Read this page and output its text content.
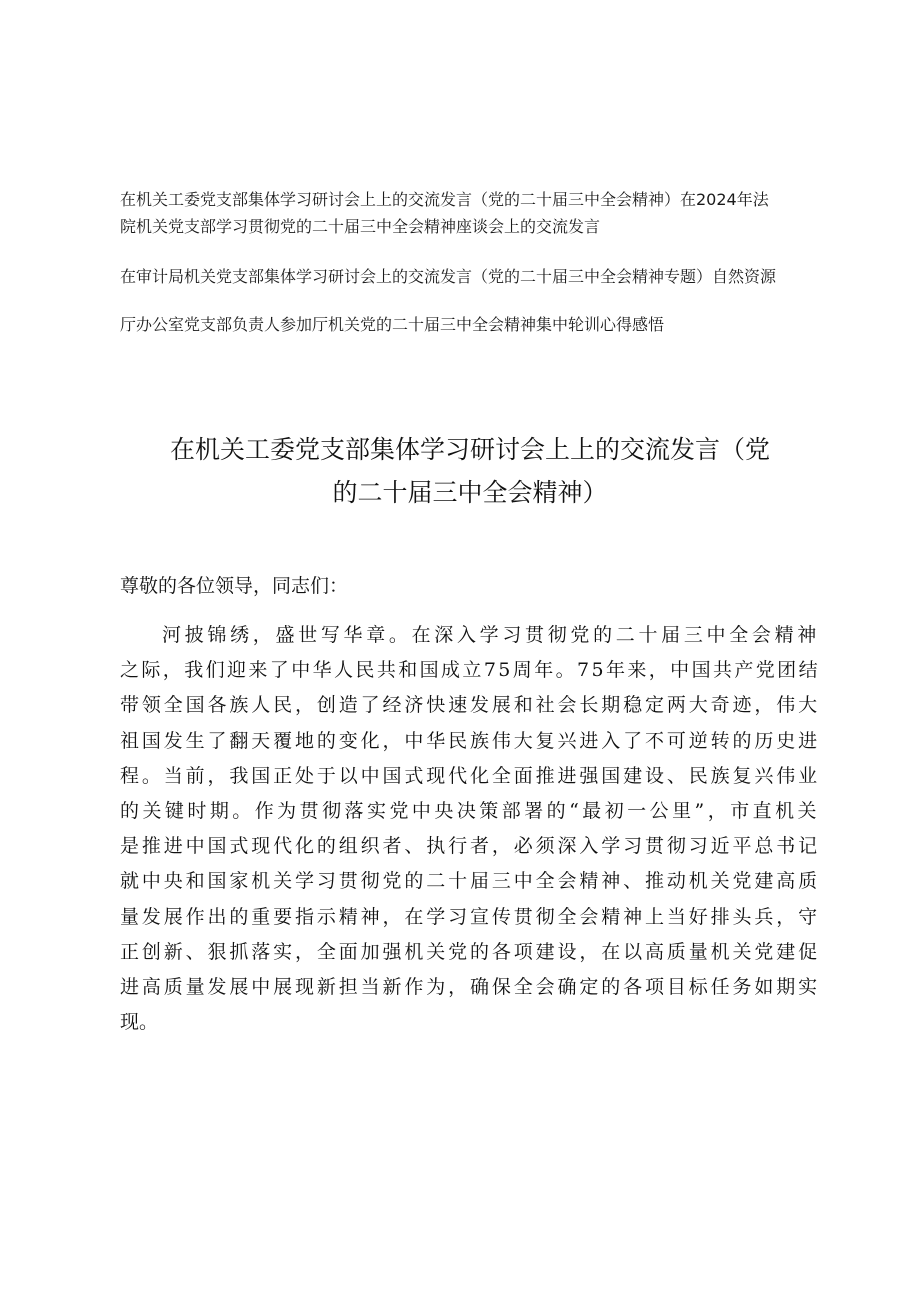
在机关工委党支部集体学习研讨会上上的交流发言（党的二十届三中全会精神）在2024年法
院机关党支部学习贯彻党的二十届三中全会精神座谈会上的交流发言
在审计局机关党支部集体学习研讨会上的交流发言（党的二十届三中全会精神专题）自然资源
厅办公室党支部负责人参加厅机关党的二十届三中全会精神集中轮训心得感悟
在机关工委党支部集体学习研讨会上上的交流发言（党
的二十届三中全会精神）
尊敬的各位领导，同志们：
河披锦绣，盛世写华章。在深入学习贯彻党的二十届三中全会精神
之际，我们迎来了中华人民共和国成立75周年。75年来，中国共产党团结
带领全国各族人民，创造了经济快速发展和社会长期稳定两大奇迹，伟大
祖国发生了翻天覆地的变化，中华民族伟大复兴进入了不可逆转的历史进
程。当前，我国正处于以中国式现代化全面推进强国建设、民族复兴伟业
的关键时期。作为贯彻落实党中央决策部署的“最初一公里”，市直机关
是推进中国式现代化的组织者、执行者，必须深入学习贯彻习近平总书记
就中央和国家机关学习贯彻党的二十届三中全会精神、推动机关党建高质
量发展作出的重要指示精神，在学习宣传贯彻全会精神上当好排头兵，守
正创新、狠抓落实，全面加强机关党的各项建设，在以高质量机关党建促
进高质量发展中展现新担当新作为，确保全会确定的各项目标任务如期实
现。
